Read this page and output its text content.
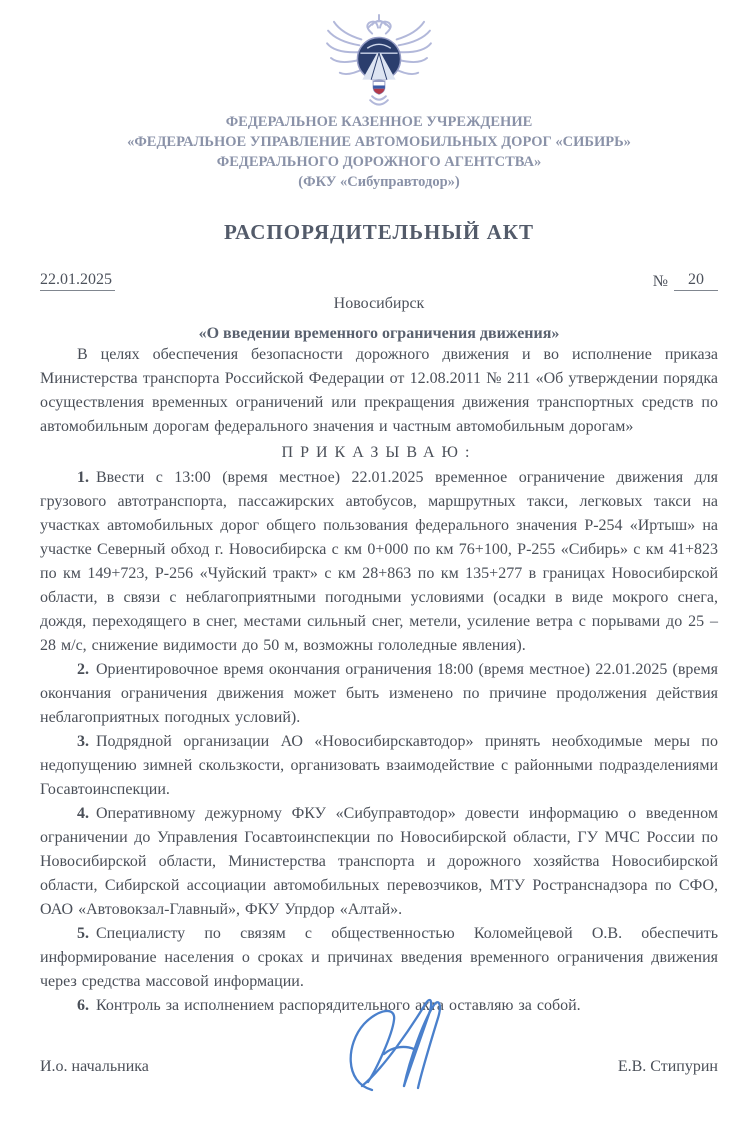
ФЕДЕРАЛЬНОЕ КАЗЕННОЕ УЧРЕЖДЕНИЕ
«ФЕДЕРАЛЬНОЕ УПРАВЛЕНИЕ АВТОМОБИЛЬНЫХ ДОРОГ «СИБИРЬ»
ФЕДЕРАЛЬНОГО ДОРОЖНОГО АГЕНТСТВА»
(ФКУ «Сибуправтодор»)
РАСПОРЯДИТЕЛЬНЫЙ АКТ
22.01.2025	№	20
Новосибирск
«О введении временного ограничения движения»

В целях обеспечения безопасности дорожного движения и во исполнение приказа Министерства транспорта Российской Федерации от 12.08.2011 № 211 «Об утверждении порядка осуществления временных ограничений или прекращения движения транспортных средств по автомобильным дорогам федерального значения и частным автомобильным дорогам»

ПРИКАЗЫВАЮ:

1. Ввести с 13:00 (время местное) 22.01.2025 временное ограничение движения для грузового автотранспорта, пассажирских автобусов, маршрутных такси, легковых такси на участках автомобильных дорог общего пользования федерального значения Р-254 «Иртыш» на участке Северный обход г. Новосибирска с км 0+000 по км 76+100, Р-255 «Сибирь» с км 41+823 по км 149+723, Р-256 «Чуйский тракт» с км 28+863 по км 135+277 в границах Новосибирской области, в связи с неблагоприятными погодными условиями (осадки в виде мокрого снега, дождя, переходящего в снег, местами сильный снег, метели, усиление ветра с порывами до 25 – 28 м/с, снижение видимости до 50 м, возможны гололедные явления).

2. Ориентировочное время окончания ограничения 18:00 (время местное) 22.01.2025 (время окончания ограничения движения может быть изменено по причине продолжения действия неблагоприятных погодных условий).

3. Подрядной организации АО «Новосибирскавтодор» принять необходимые меры по недопущению зимней скользкости, организовать взаимодействие с районными подразделениями Госавтоинспекции.

4. Оперативному дежурному ФКУ «Сибуправтодор» довести информацию о введенном ограничении до Управления Госавтоинспекции по Новосибирской области, ГУ МЧС России по Новосибирской области, Министерства транспорта и дорожного хозяйства Новосибирской области, Сибирской ассоциации автомобильных перевозчиков, МТУ Ространснадзора по СФО, ОАО «Автовокзал-Главный», ФКУ Упрдор «Алтай».

5. Специалисту по связям с общественностью Коломейцевой О.В. обеспечить информирование населения о сроках и причинах введения временного ограничения движения через средства массовой информации.

6. Контроль за исполнением распорядительного акта оставляю за собой.

И.о. начальника	Е.В. Стипурин
